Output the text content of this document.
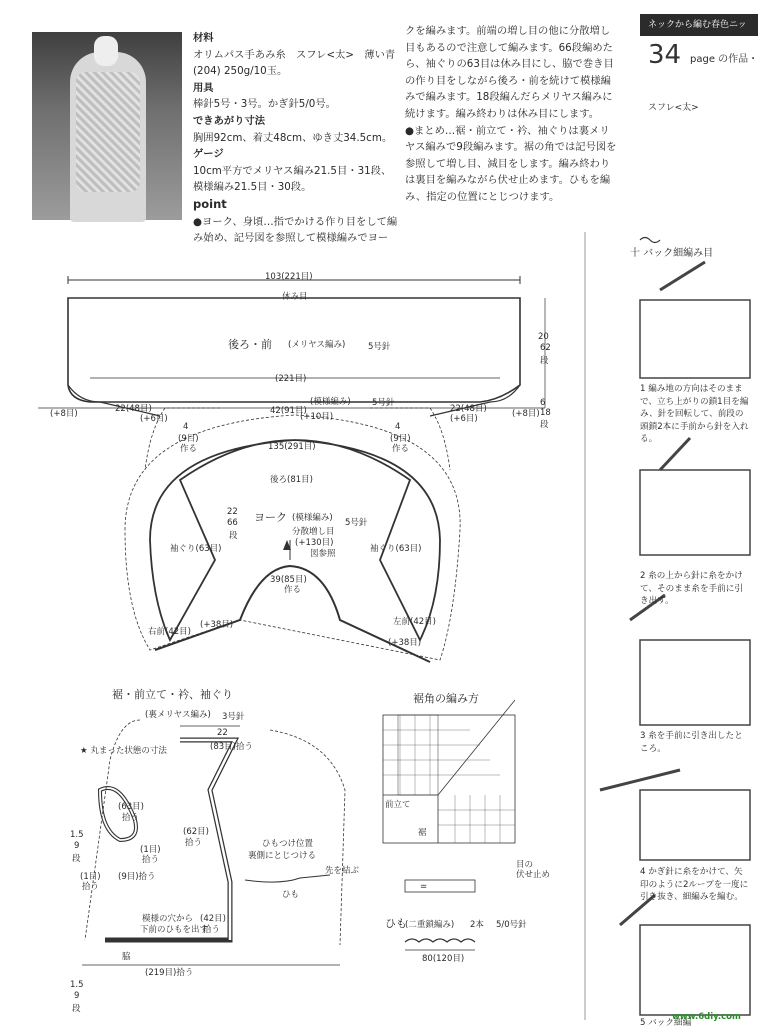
材料
オリムパス手あみ糸　スフレ<太>　薄い青(204) 250g/10玉。
用具
棒針5号・3号。かぎ針5/0号。
できあがり寸法
胸囲92cm、着丈48cm、ゆき丈34.5cm。
ゲージ
10cm平方でメリヤス編み21.5目・31段、模様編み21.5目・30段。
point
●ヨーク、身頃…指でかける作り目をして編み始め、記号図を参照して模様編みでヨー
クを編みます。前端の増し目の他に分散増し目もあるので注意して編みます。66段編めたら、袖ぐりの63目は休み目にし、脇で巻き目の作り目をしながら後ろ・前を続けて模様編みで編みます。18段編んだらメリヤス編みに続けます。編み終わりは休み目にします。
●まとめ…裾・前立て・衿、袖ぐりは裏メリヤス編みで9段編みます。裾の角では記号図を参照して増し目、減目をします。編み終わりは裏目を編みながら伏せ止めます。ひもを編み、指定の位置にとじつけます。
ネックから編む春色ニッ
34 page の作品・
スフレ<太>
十 バック細編み目
1 編み地の方向はそのままで、立ち上がりの鎖1目を編み、針を回転して、前段の頭鎖2本に手前から針を入れる。
2 糸の上から針に糸をかけて、そのまま糸を手前に引き出す。
3 糸を手前に引き出したところ。
4 かぎ針に糸をかけて、矢印のように2ループを一度に引き抜き、細編みを編む。
5 バック細編
103(221目)
休み目
後ろ・前 (メリヤス編み)	5号針
20
62
段
(221目)
(+8目)	22(48目)
(+6目)
42(91目)
(+10目)
(模様編み)	5号針
22(48目)
(+6目)	(+8目)
6
18
段
4
(9目)
作る
4
(9目)
作る
135(291目)
後ろ(81目)
ヨーク (模様編み) 5号針
分散増し目
(+130目)
図参照
22
66
段
袖ぐり(63目)	袖ぐり(63目)
右前(42目)
左前(42目)
(+38目)
(+38目)
39(85目)
作る
裾・前立て・衿、袖ぐり
(裏メリヤス編み) 3号針
22
(83目)拾う
★ 丸まった状態の寸法
(63目)
拾う
(1目)
拾う
(1目)
拾う
(9目)拾う
(62目)
拾う
(42目)
拾う
ひもつけ位置
裏側にとじつける
先を結ぶ
ひも
模様の穴から
下前のひもを出す
脇
(219目)拾う
1.5
9
段
1.5
9
段
裾角の編み方
前立て
裾
目の
伏せ止め
=
ひも
(二重鎖編み) 2本 5/0号針
80(120目)
www.6diy.com
